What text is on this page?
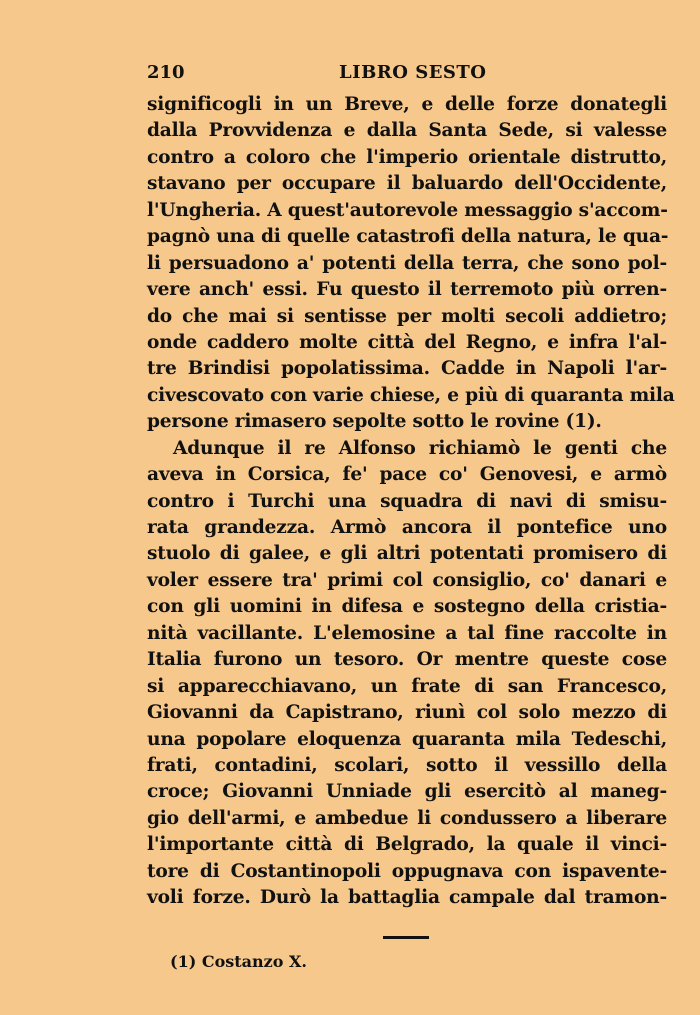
210	LIBRO SESTO
significogli in un Breve, e delle forze donategli
dalla Provvidenza e dalla Santa Sede, si valesse
contro a coloro che l'imperio orientale distrutto,
stavano per occupare il baluardo dell'Occidente,
l'Ungheria. A quest'autorevole messaggio s'accom-
pagnò una di quelle catastrofi della natura, le qua-
li persuadono a' potenti della terra, che sono pol-
vere anch' essi. Fu questo il terremoto più orren-
do che mai si sentisse per molti secoli addietro;
onde caddero molte città del Regno, e infra l'al-
tre Brindisi popolatissima. Cadde in Napoli l'ar-
civescovato con varie chiese, e più di quaranta mila
persone rimasero sepolte sotto le rovine (1).
Adunque il re Alfonso richiamò le genti che
aveva in Corsica, fe' pace co' Genovesi, e armò
contro i Turchi una squadra di navi di smisu-
rata grandezza. Armò ancora il pontefice uno
stuolo di galee, e gli altri potentati promisero di
voler essere tra' primi col consiglio, co' danari e
con gli uomini in difesa e sostegno della cristia-
nità vacillante. L'elemosine a tal fine raccolte in
Italia furono un tesoro. Or mentre queste cose
si apparecchiavano, un frate di san Francesco,
Giovanni da Capistrano, riunì col solo mezzo di
una popolare eloquenza quaranta mila Tedeschi,
frati, contadini, scolari, sotto il vessillo della
croce; Giovanni Unniade gli esercitò al maneg-
gio dell'armi, e ambedue li condussero a liberare
l'importante città di Belgrado, la quale il vinci-
tore di Costantinopoli oppugnava con ispavente-
voli forze. Durò la battaglia campale dal tramon-
(1) Costanzo X.
